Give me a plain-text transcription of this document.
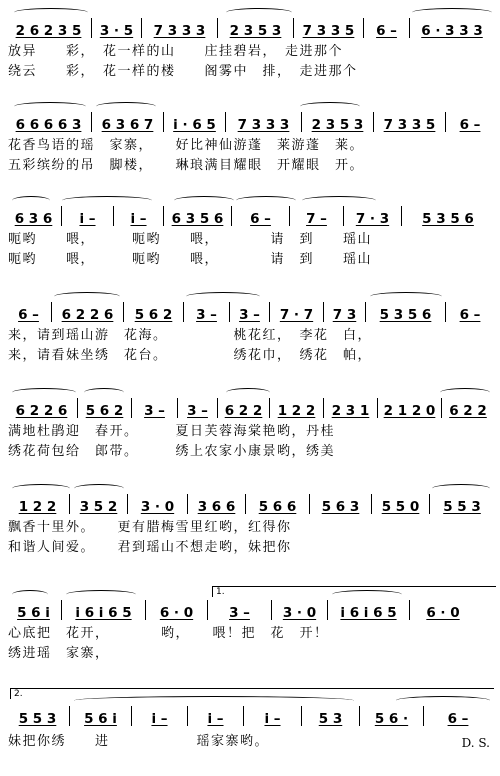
2 6 2 3 5 3 · 5 7 3 3 3 2 3 5 3 7 3 3 5 6 – 6 · 3 3 3
放异　　彩，　花一样的山　　庄挂碧岩，　走进那个
绕云　　彩，　花一样的楼　　阁雾中　排，　走进那个
6 6 6 6 3 6 3 6 7 i · 6 5 7 3 3 3 2 3 5 3 7 3 3 5 6 –
花香鸟语的瑶　家寨，　　好比神仙游蓬　莱游蓬　莱。
五彩缤纷的吊　脚楼，　　琳琅满目耀眼　开耀眼　开。
6 3 6 i –	i – 6 3 5 6 6 –	7 – 7 · 3 5 3 5 6
呃哟　　喂，　　　呃哟　　喂，　　　　请　到　　瑶山
呃哟　　喂，　　　呃哟　　喂，　　　　请　到　　瑶山
6 – 6 2 2 6 5 6 2 3 – 3 – 7 · 7 7 3 5 3 5 6 6 –
来，请到瑶山游　花海。　　　　　桃花红，　李花　白，
来，请看妹坐绣　花台。　　　　　绣花巾，　绣花　帕，
6 2 2 6 5 6 2 3 – 3 – 6 2 2 1 2 2 2 3 1 2 1 2 0 6 2 2
满地杜鹃迎　春开。　　　夏日芙蓉海棠艳哟，丹桂
绣花荷包给　郎带。　　　绣上农家小康景哟，绣美
1 2 2 3 5 2 3 · 0 3 6 6 5 6 6 5 6 3 5 5 0 5 5 3
飘香十里外。　　更有腊梅雪里红哟，红得你
和谐人间爱。　　君到瑶山不想走哟，妹把你
1.
5 6 i i 6 i 6 5 6 · 0	3 – 3 · 0 i 6 i 6 5 6 · 0
心底把　花开，　　　　哟，　　喂！把　花　开！
绣进瑶　家寨，　　　　　　　　　　　　　　　
2.
5 5 3 5 6 i	i –	i –	i –	5 3 5 6 ·	6 –
妹把你绣　　进　　　　　　瑶家寨哟。	D. S.
